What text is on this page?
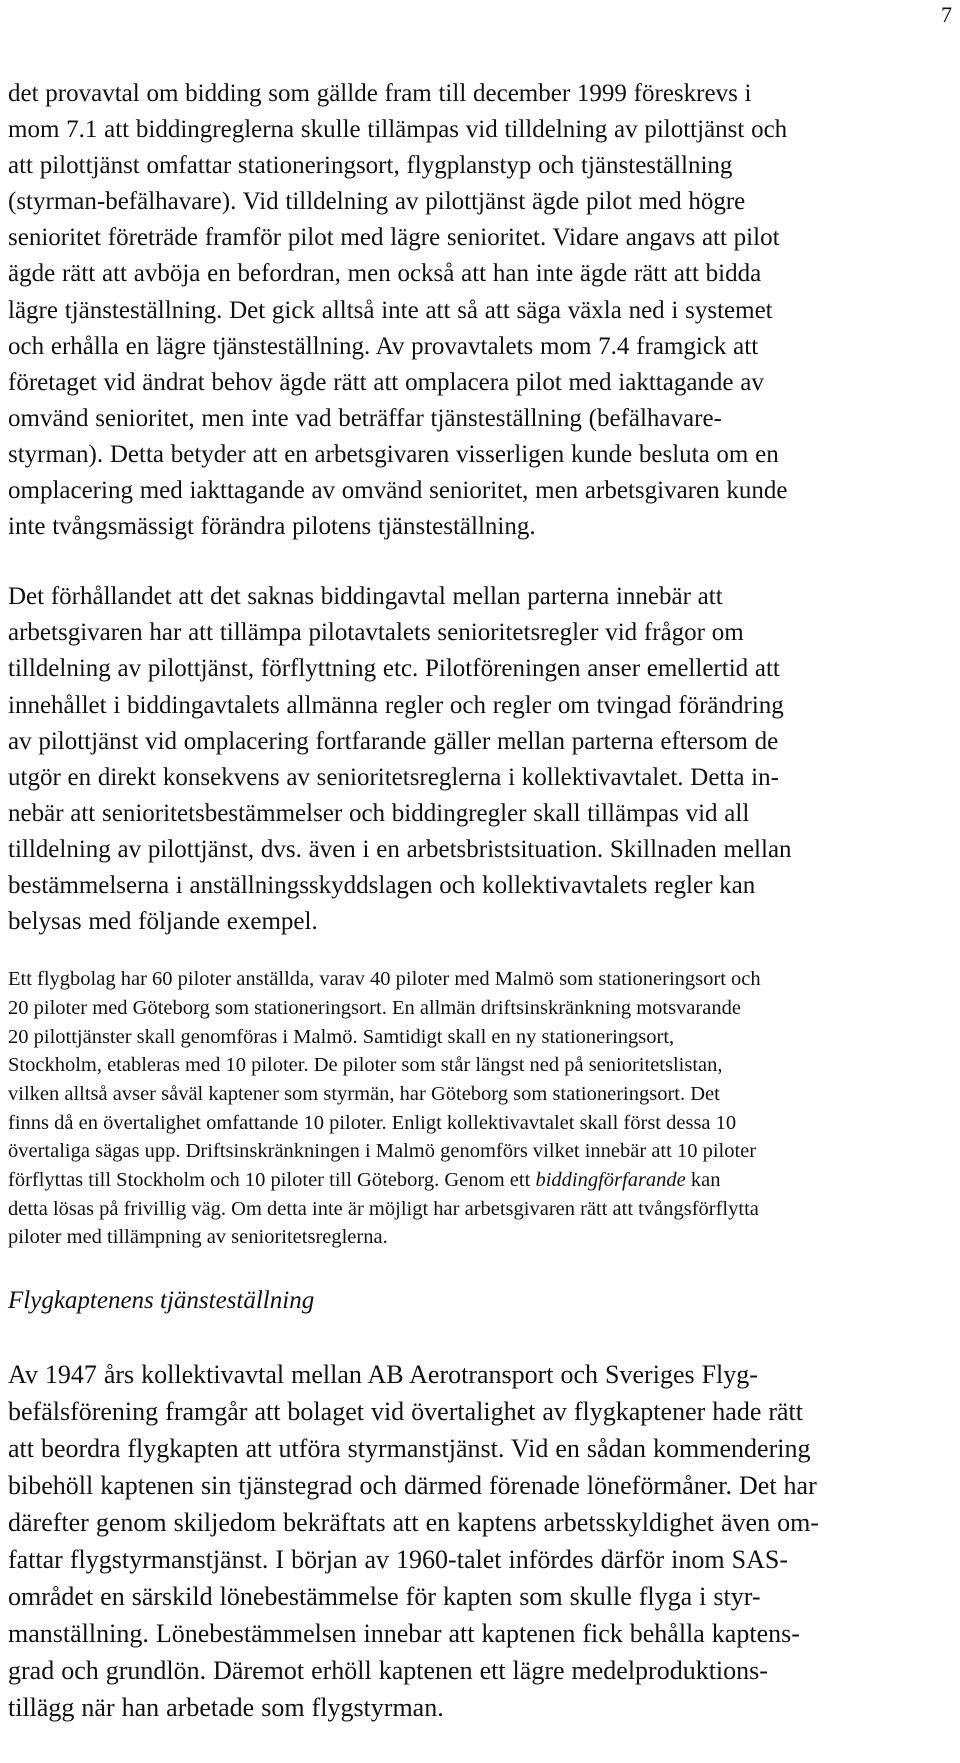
7

det provavtal om bidding som gällde fram till december 1999 föreskrevs i
mom 7.1 att biddingreglerna skulle tillämpas vid tilldelning av pilottjänst och
att pilottjänst omfattar stationeringsort, flygplanstyp och tjänsteställning
(styrman-befälhavare). Vid tilldelning av pilottjänst ägde pilot med högre
senioritet företräde framför pilot med lägre senioritet. Vidare angavs att pilot
ägde rätt att avböja en befordran, men också att han inte ägde rätt att bidda
lägre tjänsteställning. Det gick alltså inte att så att säga växla ned i systemet
och erhålla en lägre tjänsteställning. Av provavtalets mom 7.4 framgick att
företaget vid ändrat behov ägde rätt att omplacera pilot med iakttagande av
omvänd senioritet, men inte vad beträffar tjänsteställning (befälhavare-
styrman). Detta betyder att en arbetsgivaren visserligen kunde besluta om en
omplacering med iakttagande av omvänd senioritet, men arbetsgivaren kunde
inte tvångsmässigt förändra pilotens tjänsteställning.

Det förhållandet att det saknas biddingavtal mellan parterna innebär att
arbetsgivaren har att tillämpa pilotavtalets senioritetsregler vid frågor om
tilldelning av pilottjänst, förflyttning etc. Pilotföreningen anser emellertid att
innehållet i biddingavtalets allmänna regler och regler om tvingad förändring
av pilottjänst vid omplacering fortfarande gäller mellan parterna eftersom de
utgör en direkt konsekvens av senioritetsreglerna i kollektivavtalet. Detta in-
nebär att senioritetsbestämmelser och biddingregler skall tillämpas vid all
tilldelning av pilottjänst, dvs. även i en arbetsbristsituation. Skillnaden mellan
bestämmelserna i anställningsskyddslagen och kollektivavtalets regler kan
belysas med följande exempel.

Ett flygbolag har 60 piloter anställda, varav 40 piloter med Malmö som stationeringsort och
20 piloter med Göteborg som stationeringsort. En allmän driftsinskränkning motsvarande
20 pilottjänster skall genomföras i Malmö. Samtidigt skall en ny stationeringsort,
Stockholm, etableras med 10 piloter. De piloter som står längst ned på senioritetslistan,
vilken alltså avser såväl kaptener som styrmän, har Göteborg som stationeringsort. Det
finns då en övertalighet omfattande 10 piloter. Enligt kollektivavtalet skall först dessa 10
övertaliga sägas upp. Driftsinskränkningen i Malmö genomförs vilket innebär att 10 piloter
förflyttas till Stockholm och 10 piloter till Göteborg. Genom ett biddingförfarande kan
detta lösas på frivillig väg. Om detta inte är möjligt har arbetsgivaren rätt att tvångsförflytta
piloter med tillämpning av senioritetsreglerna.

Flygkaptenens tjänsteställning

Av 1947 års kollektivavtal mellan AB Aerotransport och Sveriges Flyg-
befälsförening framgår att bolaget vid övertalighet av flygkaptener hade rätt
att beordra flygkapten att utföra styrmanstjänst. Vid en sådan kommendering
bibehöll kaptenen sin tjänstegrad och därmed förenade löneförmåner. Det har
därefter genom skiljedom bekräftats att en kaptens arbetsskyldighet även om-
fattar flygstyrmanstjänst. I början av 1960-talet infördes därför inom SAS-
området en särskild lönebestämmelse för kapten som skulle flyga i styr-
manställning. Lönebestämmelsen innebar att kaptenen fick behålla kaptens-
grad och grundlön. Däremot erhöll kaptenen ett lägre medelproduktions-
tillägg när han arbetade som flygstyrman.
